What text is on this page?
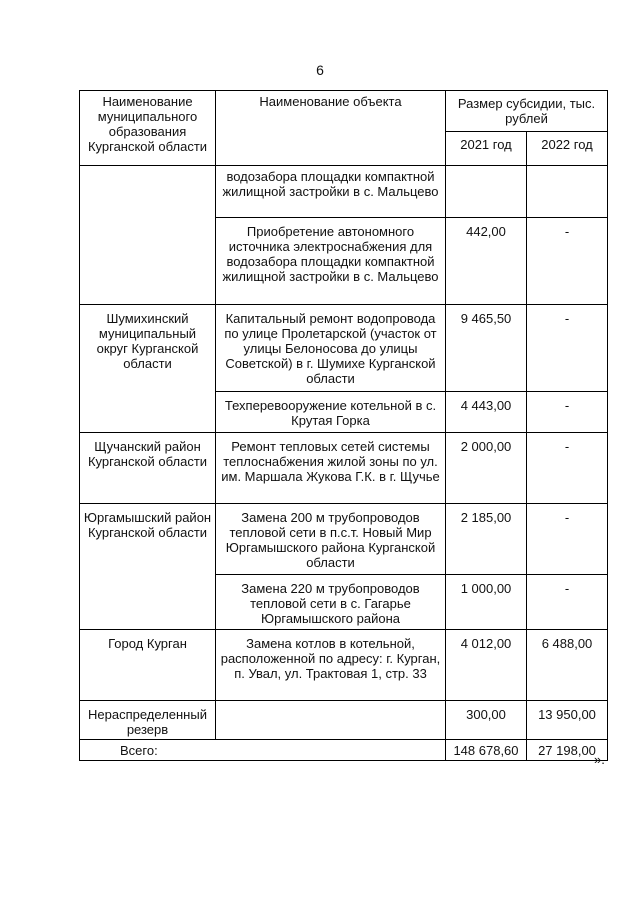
6
Наименование муниципального образования Курганской области	Наименование объекта	Размер субсидии, тыс. рублей	
		2021 год	2022 год
	водозабора площадки компактной жилищной застройки в с. Мальцево		
	Приобретение автономного источника электроснабжения для водозабора площадки компактной жилищной застройки в с. Мальцево	442,00	-
Шумихинский муниципальный округ Курганской области	Капитальный ремонт водопровода по улице Пролетарской (участок от улицы Белоносова до улицы Советской) в г. Шумихе Курганской области	9 465,50	-
	Техперевооружение котельной в с. Крутая Горка	4 443,00	-
Щучанский район Курганской области	Ремонт тепловых сетей системы теплоснабжения жилой зоны по ул. им. Маршала Жукова Г.К. в г. Щучье	2 000,00	-
Юргамышский район Курганской области	Замена 200 м трубопроводов тепловой сети в п.с.т. Новый Мир Юргамышского района Курганской области	2 185,00	-
	Замена 220 м трубопроводов тепловой сети в с. Гагарье Юргамышского района	1 000,00	-
Город Курган	Замена котлов в котельной, расположенной по адресу: г. Курган, п. Увал, ул. Трактовая 1, стр. 33	4 012,00	6 488,00
Нераспределенный резерв		300,00	13 950,00
Всего:		148 678,60	27 198,00
».
